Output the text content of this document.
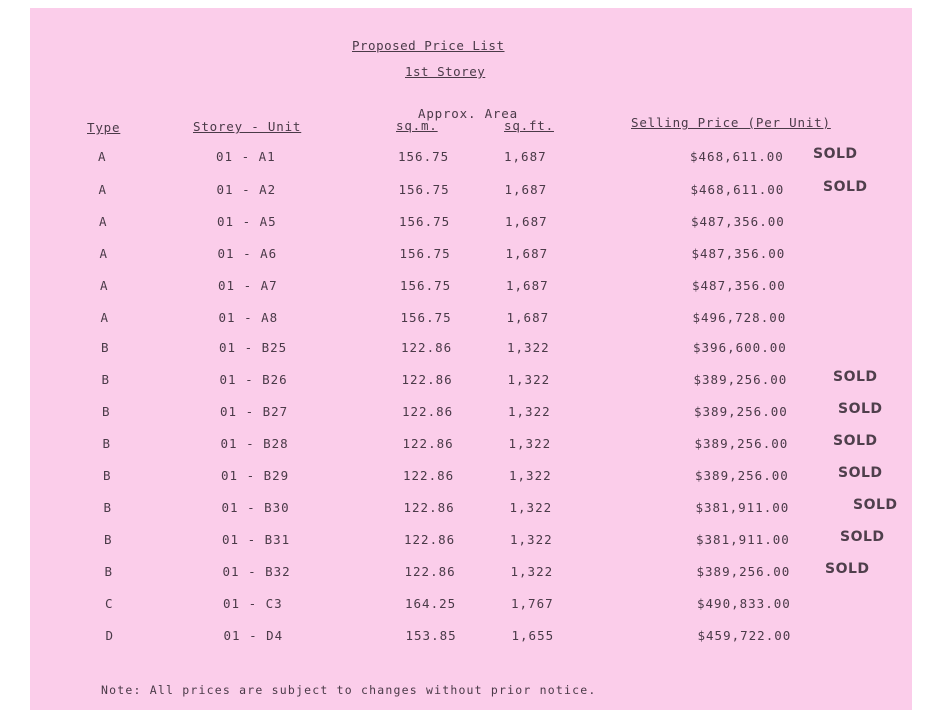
Proposed Price List
1st Storey
Type	Storey - Unit
Approx. Area
sq.m.	sq.ft.	Selling Price (Per Unit)
A	01 - A1	156.75	1,687	$468,611.00 SOLD
A	01 - A2	156.75	1,687	$468,611.00	SOLD
A	01 - A5	156.75	1,687	$487,356.00
A	01 - A6	156.75	1,687	$487,356.00
A	01 - A7	156.75	1,687	$487,356.00
A	01 - A8	156.75	1,687	$496,728.00
B	01 - B25	122.86	1,322	$396,600.00
B	01 - B26	122.86	1,322	$389,256.00	SOLD
B	01 - B27	122.86	1,322	$389,256.00	SOLD
B	01 - B28	122.86	1,322	$389,256.00	SOLD
B	01 - B29	122.86	1,322	$389,256.00	SOLD
B	01 - B30	122.86	1,322	$381,911.00	SOLD
B	01 - B31	122.86	1,322	$381,911.00	SOLD
B	01 - B32	122.86	1,322	$389,256.00 SOLD
C	01 - C3	164.25	1,767	$490,833.00
D	01 - D4	153.85	1,655	$459,722.00
Note: All prices are subject to changes without prior notice.
